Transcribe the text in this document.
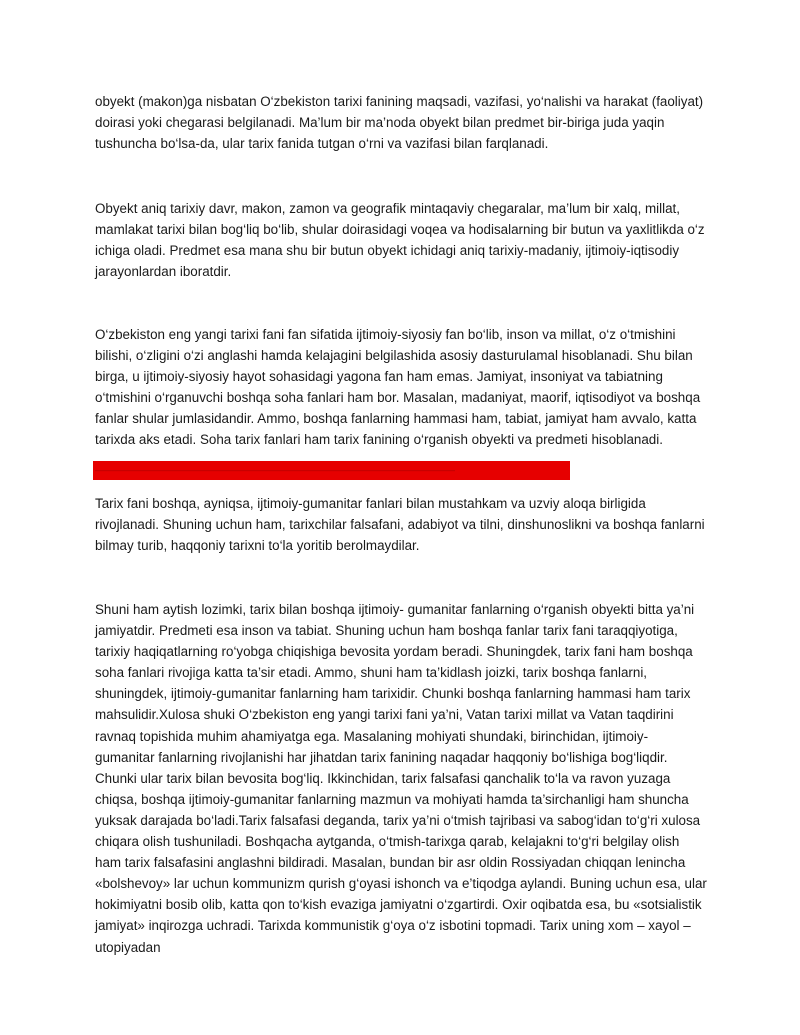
obyekt (makon)ga nisbatan O‘zbekiston tarixi fanining maqsadi, vazifasi, yo‘nalishi va harakat (faoliyat) doirasi yoki chegarasi belgilanadi. Ma’lum bir ma’noda obyekt bilan predmet bir-biriga juda yaqin tushuncha bo‘lsa-da, ular tarix fanida tutgan o‘rni va vazifasi bilan farqlanadi.

Obyekt aniq tarixiy davr, makon, zamon va geografik mintaqaviy chegaralar, ma’lum bir xalq, millat, mamlakat tarixi bilan bog‘liq bo‘lib, shular doirasidagi voqea va hodisalarning bir butun va yaxlitlikda o‘z ichiga oladi. Predmet esa mana shu bir butun obyekt ichidagi aniq tarixiy-madaniy, ijtimoiy-iqtisodiy jarayonlardan iboratdir.

O‘zbekiston eng yangi tarixi fani fan sifatida ijtimoiy-siyosiy fan bo‘lib, inson va millat, o‘z o‘tmishini bilishi, o‘zligini o‘zi anglashi hamda kelajagini belgilashida asosiy dasturulamal hisoblanadi. Shu bilan birga, u ijtimoiy-siyosiy hayot sohasidagi yagona fan ham emas. Jamiyat, insoniyat va tabiatning o‘tmishini o‘rganuvchi boshqa soha fanlari ham bor. Masalan, madaniyat, maorif, iqtisodiyot va boshqa fanlar shular jumlasidandir. Ammo, boshqa fanlarning hammasi ham, tabiat, jamiyat ham avvalo, katta tarixda aks etadi. Soha tarix fanlari ham tarix fanining o‘rganish obyekti va predmeti hisoblanadi.

————————————————————————————————————————

Tarix fani boshqa, ayniqsa, ijtimoiy-gumanitar fanlari bilan mustahkam va uzviy aloqa birligida rivojlanadi. Shuning uchun ham, tarixchilar falsafani, adabiyot va tilni, dinshunoslikni va boshqa fanlarni bilmay turib, haqqoniy tarixni to‘la yoritib berolmaydilar.

Shuni ham aytish lozimki, tarix bilan boshqa ijtimoiy- gumanitar fanlarning o‘rganish obyekti bitta ya’ni jamiyatdir. Predmeti esa inson va tabiat. Shuning uchun ham boshqa fanlar tarix fani taraqqiyotiga, tarixiy haqiqatlarning ro‘yobga chiqishiga bevosita yordam beradi. Shuningdek, tarix fani ham boshqa soha fanlari rivojiga katta ta’sir etadi. Ammo, shuni ham ta’kidlash joizki, tarix boshqa fanlarni, shuningdek, ijtimoiy-gumanitar fanlarning ham tarixidir. Chunki boshqa fanlarning hammasi ham tarix mahsulidir.Xulosa shuki O‘zbekiston eng yangi tarixi fani ya’ni, Vatan tarixi millat va Vatan taqdirini ravnaq topishida muhim ahamiyatga ega. Masalaning mohiyati shundaki, birinchidan, ijtimoiy-gumanitar fanlarning rivojlanishi har jihatdan tarix fanining naqadar haqqoniy bo‘lishiga bog‘liqdir. Chunki ular tarix bilan bevosita bog‘liq. Ikkinchidan, tarix falsafasi qanchalik to‘la va ravon yuzaga chiqsa, boshqa ijtimoiy-gumanitar fanlarning mazmun va mohiyati hamda ta’sirchanligi ham shuncha yuksak darajada bo‘ladi.Tarix falsafasi deganda, tarix ya’ni o‘tmish tajribasi va sabog‘idan to‘g‘ri xulosa chiqara olish tushuniladi. Boshqacha aytganda, o‘tmish-tarixga qarab, kelajakni to‘g‘ri belgilay olish ham tarix falsafasini anglashni bildiradi. Masalan, bundan bir asr oldin Rossiyadan chiqqan lenincha «bolshevoy» lar uchun kommunizm qurish g‘oyasi ishonch va e’tiqodga aylandi. Buning uchun esa, ular hokimiyatni bosib olib, katta qon to‘kish evaziga jamiyatni o‘zgartirdi. Oxir oqibatda esa, bu «sotsialistik jamiyat» inqirozga uchradi. Tarixda kommunistik g‘oya o‘z isbotini topmadi. Tarix uning xom – xayol – utopiyadan
